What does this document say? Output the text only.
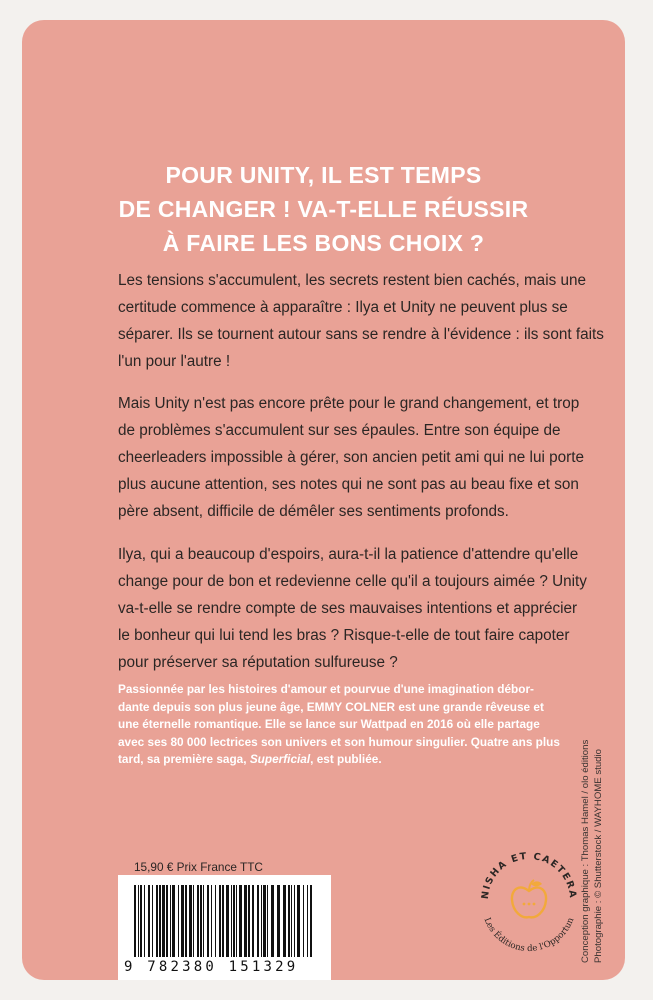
POUR UNITY, IL EST TEMPS
DE CHANGER ! VA-T-ELLE RÉUSSIR
À FAIRE LES BONS CHOIX ?
Les tensions s'accumulent, les secrets restent bien cachés, mais une
certitude commence à apparaître : Ilya et Unity ne peuvent plus se
séparer. Ils se tournent autour sans se rendre à l'évidence : ils sont faits
l'un pour l'autre !
Mais Unity n'est pas encore prête pour le grand changement, et trop
de problèmes s'accumulent sur ses épaules. Entre son équipe de
cheerleaders impossible à gérer, son ancien petit ami qui ne lui porte
plus aucune attention, ses notes qui ne sont pas au beau fixe et son
père absent, difficile de démêler ses sentiments profonds.
Ilya, qui a beaucoup d'espoirs, aura-t-il la patience d'attendre qu'elle
change pour de bon et redevienne celle qu'il a toujours aimée ? Unity
va-t-elle se rendre compte de ses mauvaises intentions et apprécier
le bonheur qui lui tend les bras ? Risque-t-elle de tout faire capoter
pour préserver sa réputation sulfureuse ?
Passionnée par les histoires d'amour et pourvue d'une imagination débor-
dante depuis son plus jeune âge, EMMY COLNER est une grande rêveuse et
une éternelle romantique. Elle se lance sur Wattpad en 2016 où elle partage
avec ses 80 000 lectrices son univers et son humour singulier. Quatre ans plus
tard, sa première saga, Superficial, est publiée.
15,90 € Prix France TTC
9 782380 151329
NISHA ET CAETERA
Les Éditions de l'Opportun Conception graphique : Thomas Hamel / olo éditions Photographie : © Shutterstock / WAYHOME studio
